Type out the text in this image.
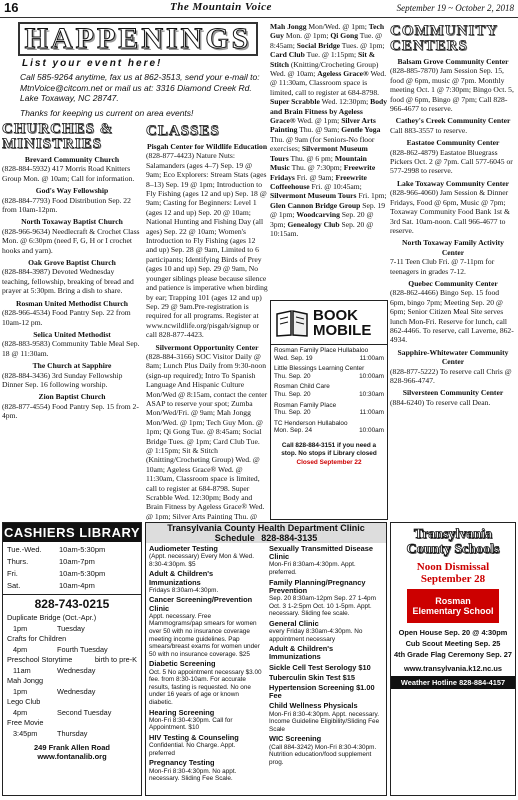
16	The Mountain Voice	September 19 ~ October 2, 2018
HAPPENINGS
List your event here!
Call 585-9264 anytime, fax us at 862-3513, send your e-mail to: MtnVoice@citcom.net or mail us at: 3316 Diamond Creek Rd. Lake Toxaway, NC 28747.
Thanks for keeping us current on area events!
CHURCHES & MINISTRIES
Brevard Community Church
(828-884-5932) 417 Morris Road Knitters Group Mon. @ 10am; Call for information.
God's Way Fellowship
(828-884-7793) Food Distribution Sep. 22 from 10am-12pm.
North Toxaway Baptist Church
(828-966-9634) Needlecraft & Crochet Class Mon. @ 6:30pm (need F, G, H or I crochet hooks and yarn).
Oak Grove Baptist Church
(828-884-3987) Devoted Wednesday teaching, fellowship, breaking of bread and prayer at 5:30pm. Bring a dish to share.
Rosman United Methodist Church
(828-966-4534) Food Pantry Sep. 22 from 10am-12 pm.
Selica United Methodist
(828-883-9583) Community Table Meal Sep. 18 @ 11:30am.
The Church at Sapphire
(828-884-3436) 3rd Sunday Fellowship Dinner Sep. 16 following worship.
Zion Baptist Church
(828-877-4554) Food Pantry Sep. 15 from 2-4pm.
CLASSES
Pisgah Center for Wildlife Education
(828-877-4423) Nature Nuts: Salamanders (ages 4–7) Sep. 19 @ 9am; Eco Explorers: Stream Stats (ages 8–13) Sep. 19 @ 1pm; Introduction to Fly Fishing (ages 12 and up) Sep. 18 @ 9am; Casting for Beginners: Level 1 (ages 12 and up) Sep. 20 @ 10am; National Hunting and Fishing Day (all ages) Sep. 22 @ 10am; Women's Introduction to Fly Fishing (ages 12 and up) Sep. 28 @ 9am, Limited to 6 participants; Identifying Birds of Prey (ages 10 and up) Sep. 29 @ 9am, No younger siblings please because silence and patience is imperative when birding by ear; Trapping 101 (ages 12 and up) Sep. 29 @ 9am.Pre-registration is required for all programs. Register at www.ncwildlife.org/pisgah/signup or call 828-877-4423.
Silvermont Opportunity Center
(828-884-3166) SOC Visitor Daily @ 8am; Lunch Plus Daily from 9:30-noon (sign-up required); Intro To Spanish Language And Hispanic Culture Mon/Wed @ 8:15am, contact the center ASAP to reserve your spot; Zumba Mon/Wed/Fri. @ 9am; Mah Jongg Mon/Wed. @ 1pm; Tech Guy Mon. @ 1pm; Qi Gong Tue. @ 8:45am; Social Bridge Tues. @ 1pm; Card Club Tue. @ 1:15pm; Sit & Stitch (Knitting/Crocheting Group) Wed. @ 10am; Ageless Grace® Wed. @ 11:30am, Classroom space is limited, call to register at 684-8798. Super Scrabble Wed. 12:30pm; Body and Brain Fitness by Ageless Grace® Wed. @ 1pm; Silver Arts Painting Thu. @
Mah Jongg Mon/Wed. @ 1pm; Tech Guy Mon. @ 1pm; Qi Gong Tue. @ 8:45am; Social Bridge Tues. @ 1pm; Card Club Tue. @ 1:15pm; Sit & Stitch (Knitting/Crocheting Group) Wed. @ 10am; Ageless Grace® Wed. @ 11:30am, Classroom space is limited, call to register at 684-8798. Super Scrabble Wed. 12:30pm; Body and Brain Fitness by Ageless Grace® Wed. @ 1pm; Silver Arts Painting Thu. @ 9am; Gentle Yoga Thu. @ 9am (for Seniors-No floor exercises; Silvermont Museum Tours Thu. @ 6 pm; Mountain Music Thu. @ 7:30pm; Freewrite Fridays Fri. @ 9am; Freewrite Coffeehouse Fri. @ 10:45am; Silvermont Museum Tours Fri. 1pm; Glen Cannon Bridge Group Sep. 19 @ 1pm; Woodcarving Sep. 20 @ 3pm; Genealogy Club Sep. 20 @ 10:15am.
BOOK
MOBILE
Rosman Family Place Hullabaloo
Wed. Sep. 19	11:00am
Little Blessings Learning Center
Thu. Sep. 20	10:00am
Rosman Child Care
Thu. Sep. 20	10:30am
Rosman Family Place
Thu. Sep. 20	11:00am
TC Henderson Hullabaloo
Mon. Sep. 24	10:00am
Call 828-884-3151 if you need a stop. No stops if Library closed
Closed September 22
COMMUNITY CENTERS
Balsam Grove Community Center
(828-885-7870) Jam Session Sep. 15, food @ 6pm, music @ 7pm. Monthly meeting Oct. 1 @ 7:30pm; Bingo Oct. 5, food @ 6pm, Bingo @ 7pm; Call 828-966-4677 to reserve.
Cathey's Creek Community Center
Call 883-3557 to reserve.
Eastatoe Community Center
(828-862-4879) Eastatoe Bluegrass Pickers Oct. 2 @ 7pm. Call 577-6045 or 577-2998 to reserve.
Lake Toxaway Community Center
(828-966-4060) Jam Session & Dinner Fridays, Food @ 6pm, Music @ 7pm; Toxaway Community Food Bank 1st & 3rd Sat. 10am-noon. Call 966-4677 to reserve.
North Toxaway Family Activity Center
7-11 Teen Club Fri. @ 7-11pm for teenagers in grades 7-12.
Quebec Community Center
(828-862-4466) Bingo Sep. 15 food 6pm, bingo 7pm; Meeting Sep. 20 @ 6pm; Senior Citizen Meal Site serves lunch Mon-Fri. Reserve for lunch, call 862-4466. To reserve, call Laverne, 862-4934.
Sapphire-Whitewater Community Center
(828-877-5222) To reserve call Chris @ 828-966-4747.
Silversteen Community Center
(884-6240) To reserve call Dean.
CASHIERS LIBRARY
Tue.-Wed.	10am-5:30pm
Thurs.	10am-7pm
Fri.	10am-5:30pm
Sat.	10am-4pm
828-743-0215
Duplicate Bridge (Oct.-Apr.)
1pm	Tuesday
Crafts for Children
4pm	Fourth Tuesday
Preschool Storytime	birth to pre-K
11am	Wednesday
Mah Jongg
1pm	Wednesday
Lego Club
4pm	Second Tuesday
Free Movie
3:45pm	Thursday
249 Frank Allen Road
www.fontanalib.org
Transylvania County Health Department Clinic Schedule 828-884-3135
Audiometer Testing
(Appt. necessary) Every Mon & Wed. 8:30-4:30pm. $5
Adult & Children's Immunizations
Fridays 8:30am-4:30pm.
Cancer Screening/Prevention Clinic
Appt. necessary. Free Mammograms/pap smears for women over 50 with no insurance coverage meeting income guidelines. Pap smears/breast exams for women under 50 with no insurance coverage. $25
Diabetic Screening
Oct. 5 No appointment necessary $3.00 fee. from 8:30-10am. For accurate results, fasting is requested. No one under 16 years of age or known diabetic.
Hearing Screening
Mon-Fri 8:30-4:30pm. Call for Appointment. $10
HIV Testing & Counseling
Confidential. No Charge. Appt. preferred
Pregnancy Testing
Mon-Fri 8:30-4:30pm. No appt. necessary. Sliding Fee Scale.
Sexually Transmitted Disease Clinic
Mon-Fri 8:30am-4:30pm. Appt. preferred.
Family Planning/Pregnancy Prevention
Sep. 20 8:30am-12pm Sep. 27 1-4pm Oct. 3 1-2:5pm Oct. 10 1-5pm. Appt. necessary. Sliding fee scale.
General Clinic
every Friday 8:30am-4:30pm. No appointment necessary
Adult & Children's Immunizations
Sickle Cell Test Serology $10
Tuberculin Skin Test $15
Hypertension Screening $1.00 Fee
Child Wellness Physicals
Mon-Fri 8:30-4:30pm. Appt. necessary. Income Guideline Eligibility/Sliding Fee Scale
WIC Screening
(Call 884-3242) Mon-Fri 8:30-4:30pm. Nutrition education/food supplement prog.
Transylvania
County Schools
Noon Dismissal
September 28
Rosman Elementary School
Open House Sep. 20 @ 4:30pm
Cub Scout Meeting Sep. 25
4th Grade Flag Ceremony Sep. 27
www.transylvania.k12.nc.us
Weather Hotline 828-884-4157
